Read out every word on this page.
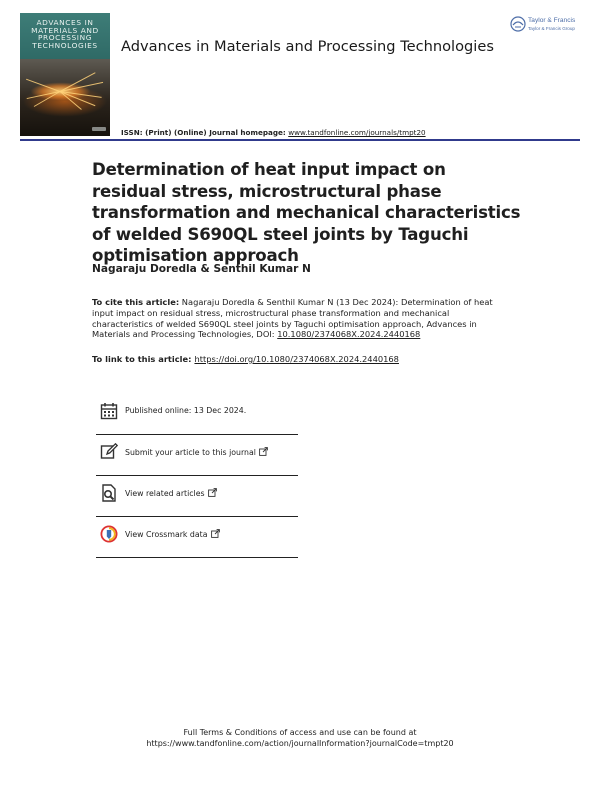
ADVANCES IN
MATERIALS AND
PROCESSING
TECHNOLOGIES	Advances in Materials and Processing Technologies
Taylor & Francis
Taylor & Francis Group
ISSN: (Print) (Online) Journal homepage: www.tandfonline.com/journals/tmpt20
Determination of heat input impact on residual stress, microstructural phase transformation and mechanical characteristics of welded S690QL steel joints by Taguchi optimisation approach
Nagaraju Doredla & Senthil Kumar N
To cite this article: Nagaraju Doredla & Senthil Kumar N (13 Dec 2024): Determination of heat input impact on residual stress, microstructural phase transformation and mechanical characteristics of welded S690QL steel joints by Taguchi optimisation approach, Advances in Materials and Processing Technologies, DOI: 10.1080/2374068X.2024.2440168
To link to this article: https://doi.org/10.1080/2374068X.2024.2440168
Published online: 13 Dec 2024.
Submit your article to this journal
View related articles
View Crossmark data
Full Terms & Conditions of access and use can be found at
https://www.tandfonline.com/action/journalInformation?journalCode=tmpt20
